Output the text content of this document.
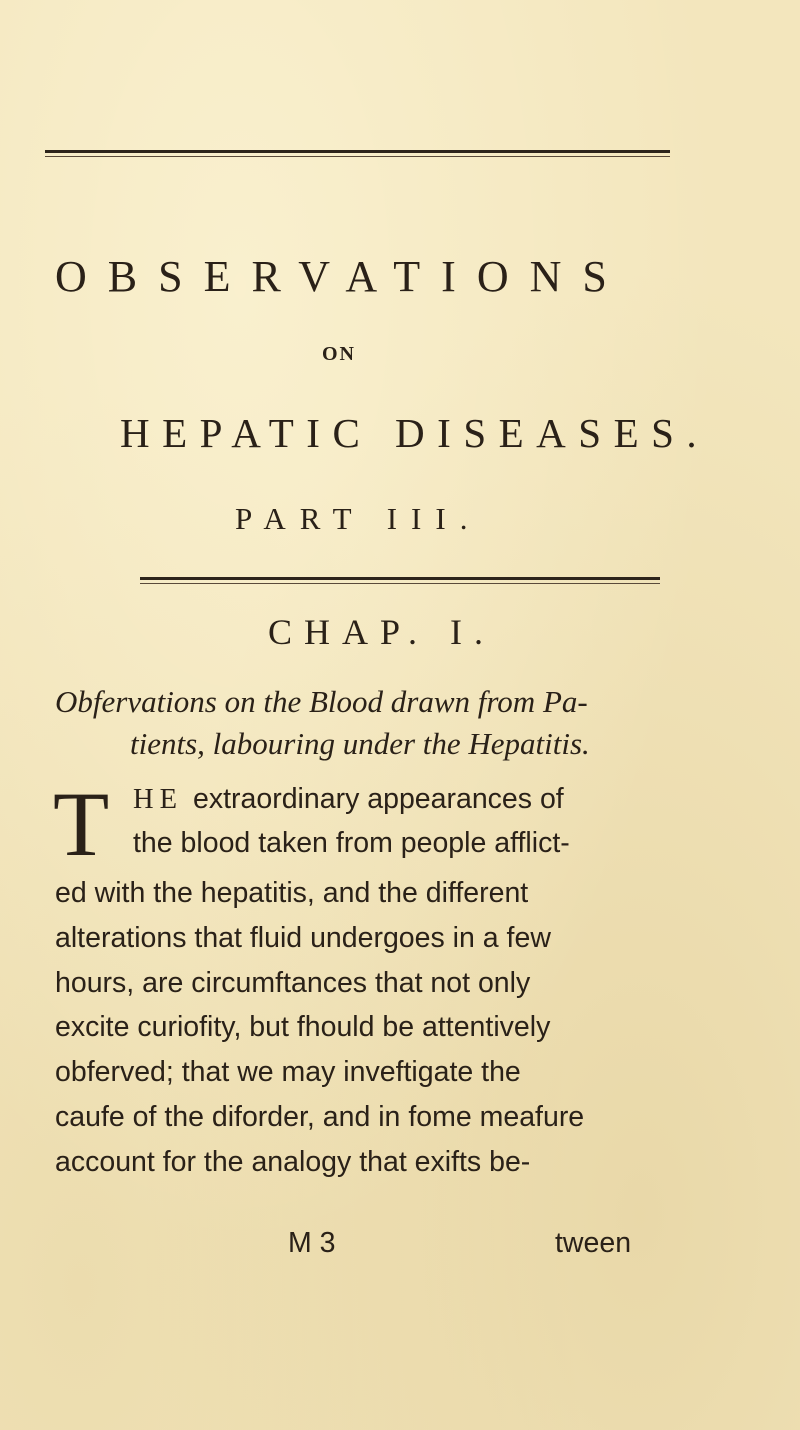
OBSERVATIONS
ON
HEPATIC DISEASES.
PART III.
CHAP. I.
Obfervations on the Blood drawn from Pa-
tients, labouring under the Hepatitis.
T HE extraordinary appearances of
the blood taken from people afflict-
ed with the hepatitis, and the different
alterations that fluid undergoes in a few
hours, are circumftances that not only
excite curiofity, but fhould be attentively
obferved; that we may inveftigate the
caufe of the diforder, and in fome meafure
account for the analogy that exifts be-
M 3	tween
